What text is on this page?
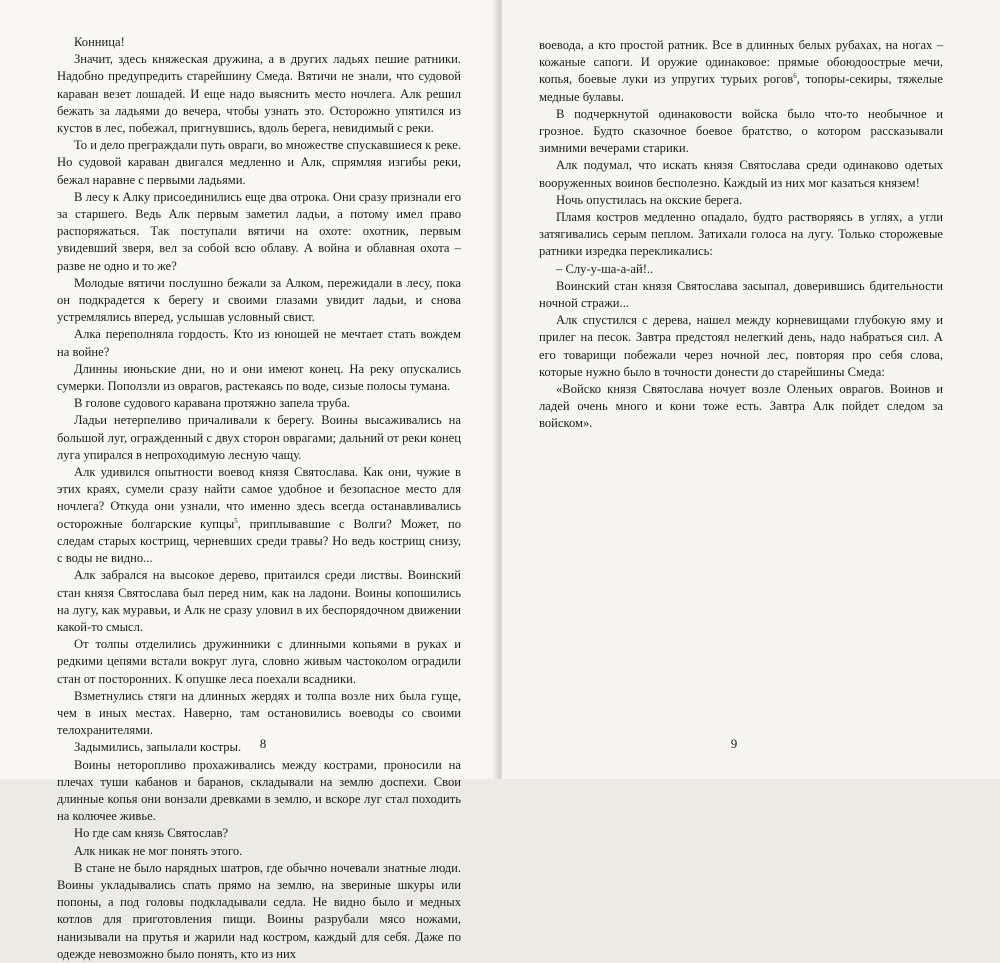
Конница!

Значит, здесь княжеская дружина, а в других ладьях пешие ратники. Надобно предупредить старейшину Смеда. Вятичи не знали, что судовой караван везет лошадей. И еще надо выяснить место ночлега. Алк решил бежать за ладьями до вечера, чтобы узнать это. Осторожно упятился из кустов в лес, побежал, пригнувшись, вдоль берега, невидимый с реки.

То и дело преграждали путь овраги, во множестве спускавшиеся к реке. Но судовой караван двигался медленно и Алк, спрямляя изгибы реки, бежал наравне с первыми ладьями.

В лесу к Алку присоединились еще два отрока. Они сразу признали его за старшего. Ведь Алк первым заметил ладьи, а потому имел право распоряжаться. Так поступали вятичи на охоте: охотник, первым увидевший зверя, вел за собой всю облаву. А война и облавная охота – разве не одно и то же?

Молодые вятичи послушно бежали за Алком, пережидали в лесу, пока он подкрадется к берегу и своими глазами увидит ладьи, и снова устремлялись вперед, услышав условный свист.

Алка переполняла гордость. Кто из юношей не мечтает стать вождем на войне?

Длинны июньские дни, но и они имеют конец. На реку опускались сумерки. Поползли из оврагов, растекаясь по воде, сизые полосы тумана.

В голове судового каравана протяжно запела труба.

Ладьи нетерпеливо причаливали к берегу. Воины высаживались на большой луг, огражденный с двух сторон оврагами; дальний от реки конец луга упирался в непроходимую лесную чащу.

Алк удивился опытности воевод князя Святослава. Как они, чужие в этих краях, сумели сразу найти самое удобное и безопасное место для ночлега? Откуда они узнали, что именно здесь всегда останавливались осторожные болгарские купцы$^5$, приплывавшие с Волги? Может, по следам старых кострищ, черневших среди травы? Но ведь кострищ снизу, с воды не видно...

Алк забрался на высокое дерево, притаился среди листвы. Воинский стан князя Святослава был перед ним, как на ладони. Воины копошились на лугу, как муравьи, и Алк не сразу уловил в их беспорядочном движении какой-то смысл.

От толпы отделились дружинники с длинными копьями в руках и редкими цепями встали вокруг луга, словно живым частоколом оградили стан от посторонних. К опушке леса поехали всадники.

Взметнулись стяги на длинных жердях и толпа возле них была гуще, чем в иных местах. Наверно, там остановились воеводы со своими телохранителями.

Задымились, запылали костры.

Воины неторопливо прохаживались между кострами, проносили на плечах туши кабанов и баранов, складывали на землю доспехи. Свои длинные копья они вонзали древками в землю, и вскоре луг стал походить на колючее живье.

Но где сам князь Святослав?

Алк никак не мог понять этого.

В стане не было нарядных шатров, где обычно ночевали знатные люди. Воины укладывались спать прямо на землю, на звериные шкуры или попоны, а под головы подкладывали седла. Не видно было и медных котлов для приготовления пищи. Воины разрубали мясо ножами, нанизывали на прутья и жарили над костром, каждый для себя. Даже по одежде невозможно было понять, кто из них

8

воевода, а кто простой ратник. Все в длинных белых рубахах, на ногах – кожаные сапоги. И оружие одинаковое: прямые обоюдоострые мечи, копья, боевые луки из упругих турьих рогов$^6$, топоры-секиры, тяжелые медные булавы.

В подчеркнутой одинаковости войска было что-то необычное и грозное. Будто сказочное боевое братство, о котором рассказывали зимними вечерами старики.

Алк подумал, что искать князя Святослава среди одинаково одетых вооруженных воинов бесполезно. Каждый из них мог казаться князем!

Ночь опустилась на окские берега.

Пламя костров медленно опадало, будто растворяясь в углях, а угли затягивались серым пеплом. Затихали голоса на лугу. Только сторожевые ратники изредка перекликались:

– Слу-у-ша-а-ай!..

Воинский стан князя Святослава засыпал, доверившись бдительности ночной стражи...

Алк спустился с дерева, нашел между корневищами глубокую яму и прилег на песок. Завтра предстоял нелегкий день, надо набраться сил. А его товарищи побежали через ночной лес, повторяя про себя слова, которые нужно было в точности донести до старейшины Смеда:

«Войско князя Святослава ночует возле Оленьих оврагов. Воинов и ладей очень много и кони тоже есть. Завтра Алк пойдет следом за войском».

9
